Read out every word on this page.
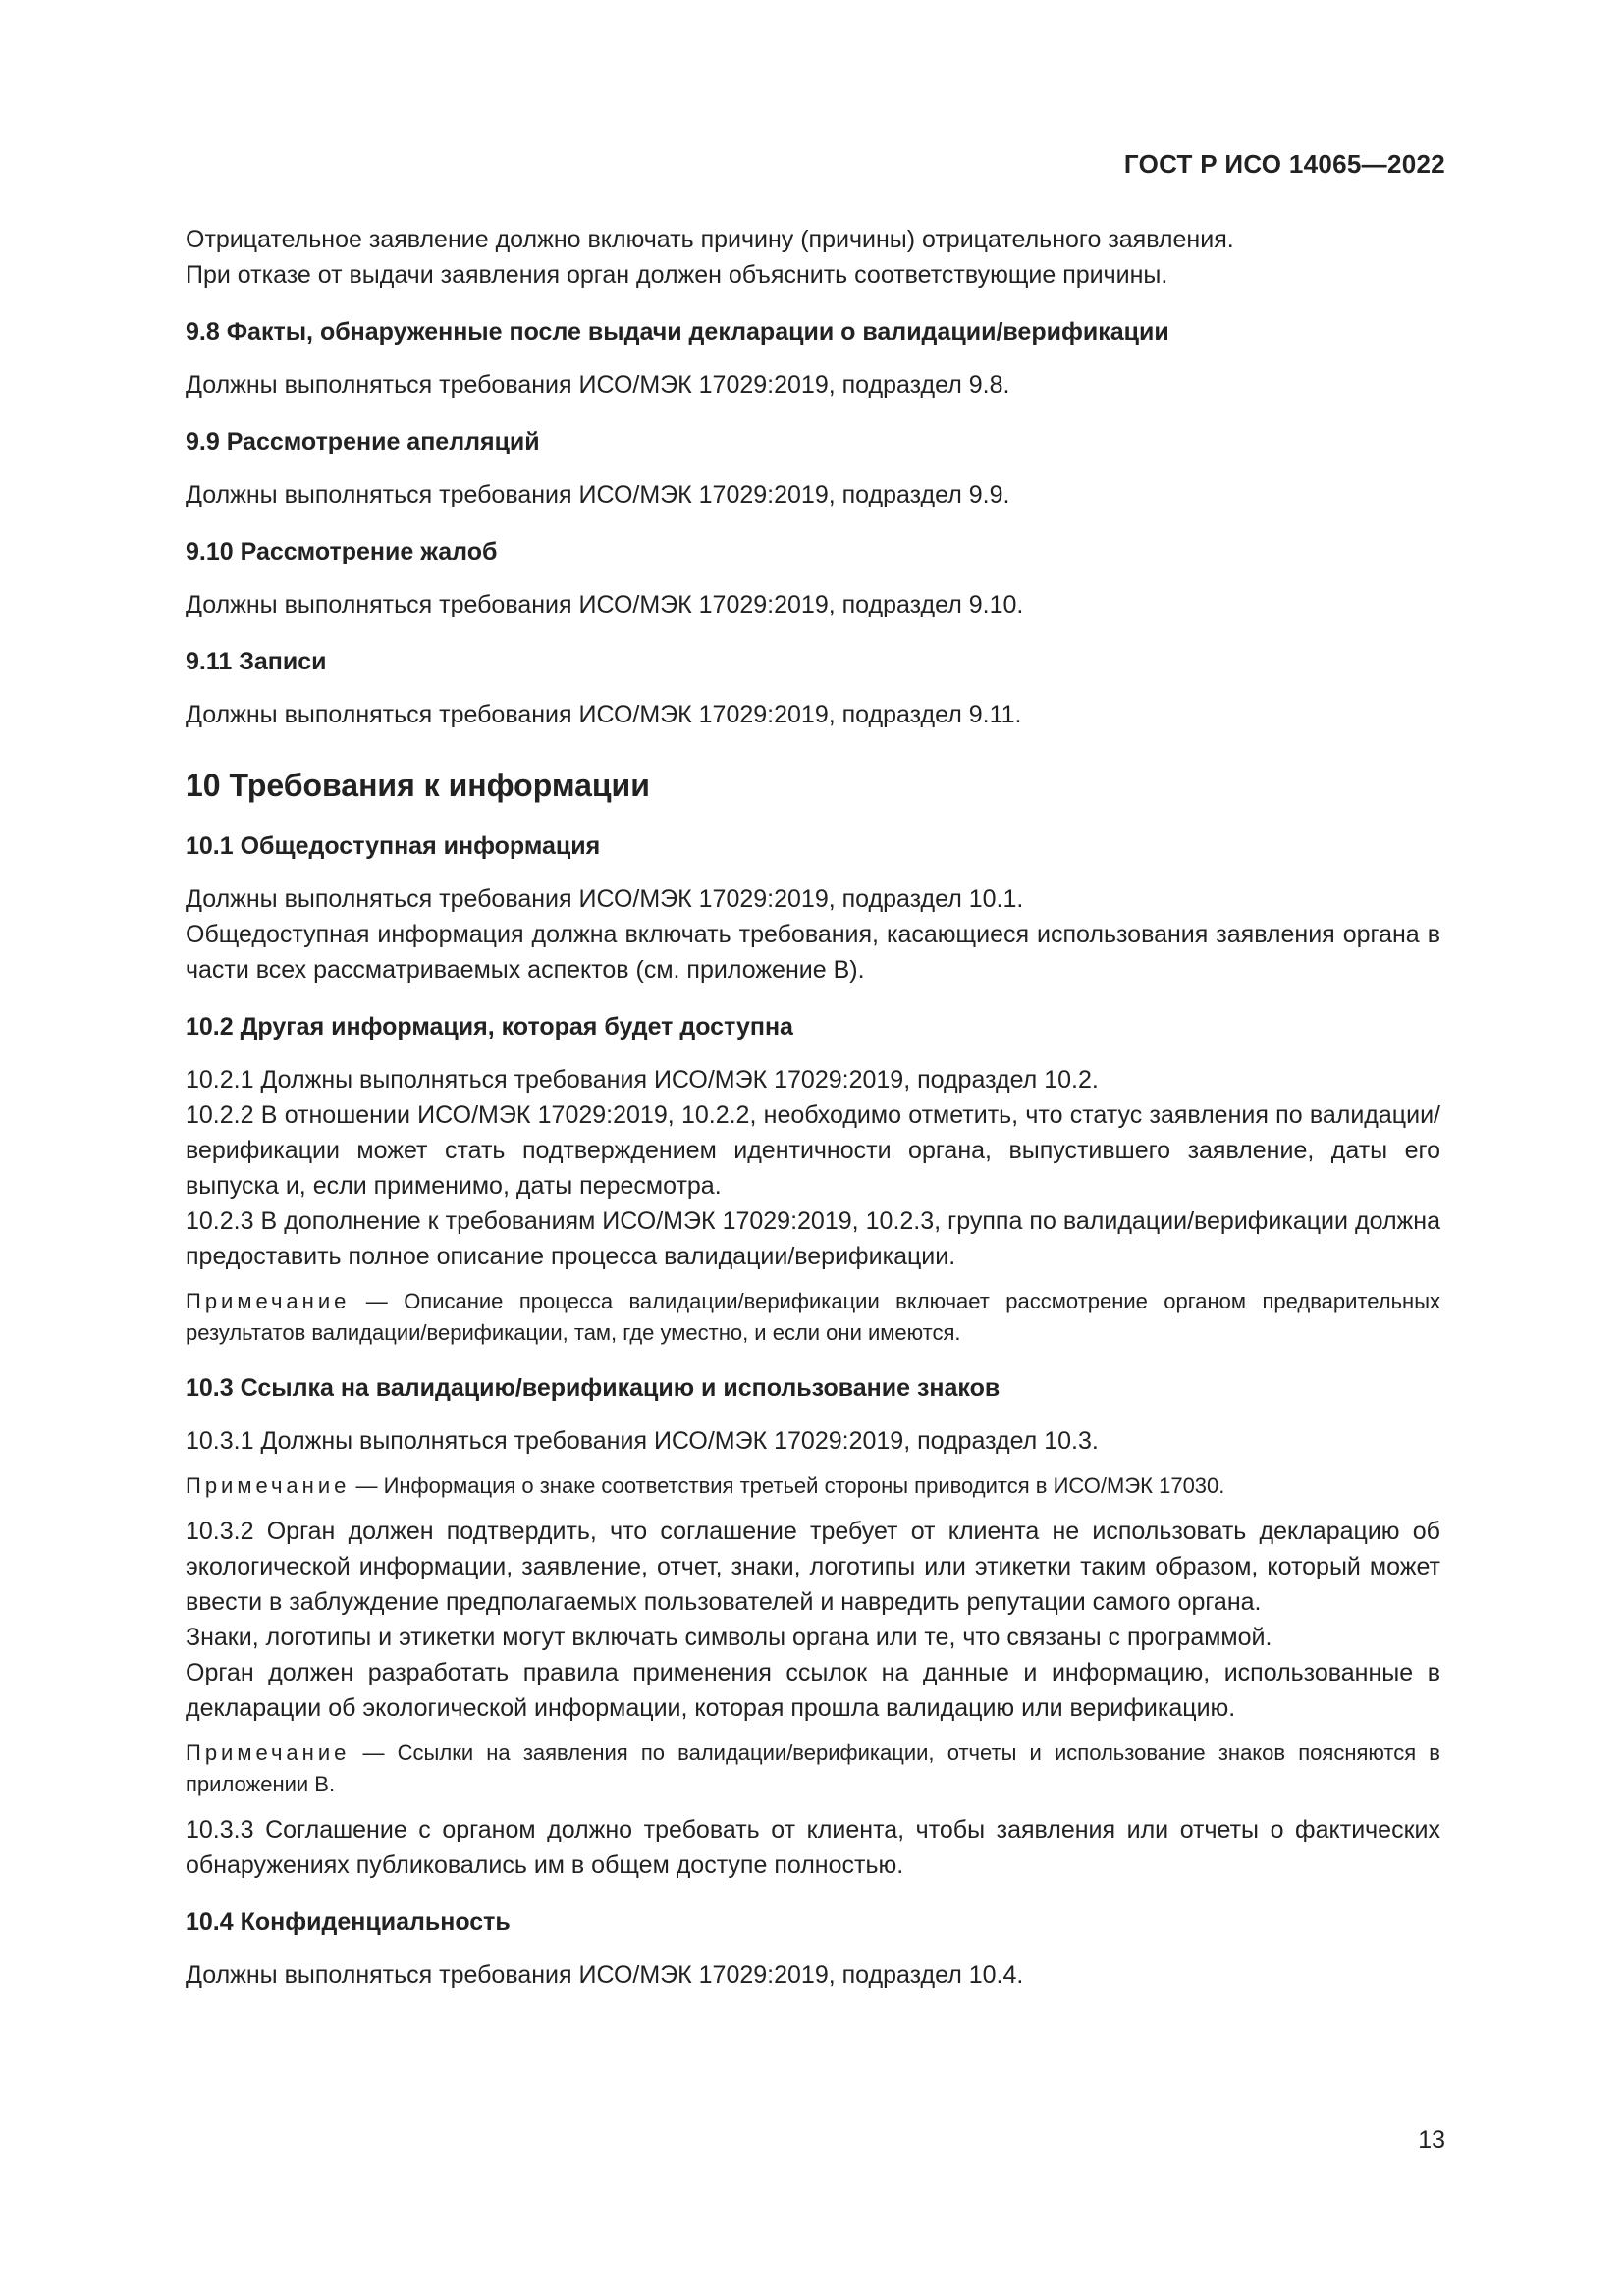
ГОСТ Р ИСО 14065—2022

Отрицательное заявление должно включать причину (причины) отрицательного заявления.

При отказе от выдачи заявления орган должен объяснить соответствующие причины.

9.8 Факты, обнаруженные после выдачи декларации о валидации/верификации

Должны выполняться требования ИСО/МЭК 17029:2019, подраздел 9.8.

9.9 Рассмотрение апелляций

Должны выполняться требования ИСО/МЭК 17029:2019, подраздел 9.9.

9.10 Рассмотрение жалоб

Должны выполняться требования ИСО/МЭК 17029:2019, подраздел 9.10.

9.11 Записи

Должны выполняться требования ИСО/МЭК 17029:2019, подраздел 9.11.

10 Требования к информации
10.1 Общедоступная информация

Должны выполняться требования ИСО/МЭК 17029:2019, подраздел 10.1.

Общедоступная информация должна включать требования, касающиеся использования заявления органа в части всех рассматриваемых аспектов (см. приложение В).

10.2 Другая информация, которая будет доступна

10.2.1 Должны выполняться требования ИСО/МЭК 17029:2019, подраздел 10.2.

10.2.2 В отношении ИСО/МЭК 17029:2019, 10.2.2, необходимо отметить, что статус заявления по валидации/верификации может стать подтверждением идентичности органа, выпустившего заявление, даты его выпуска и, если применимо, даты пересмотра.

10.2.3 В дополнение к требованиям ИСО/МЭК 17029:2019, 10.2.3, группа по валидации/верификации должна предоставить полное описание процесса валидации/верификации.

Примечание — Описание процесса валидации/верификации включает рассмотрение органом предварительных результатов валидации/верификации, там, где уместно, и если они имеются.

10.3 Ссылка на валидацию/верификацию и использование знаков

10.3.1 Должны выполняться требования ИСО/МЭК 17029:2019, подраздел 10.3.

Примечание — Информация о знаке соответствия третьей стороны приводится в ИСО/МЭК 17030.

10.3.2 Орган должен подтвердить, что соглашение требует от клиента не использовать декларацию об экологической информации, заявление, отчет, знаки, логотипы или этикетки таким образом, который может ввести в заблуждение предполагаемых пользователей и навредить репутации самого органа.

Знаки, логотипы и этикетки могут включать символы органа или те, что связаны с программой.

Орган должен разработать правила применения ссылок на данные и информацию, использованные в декларации об экологической информации, которая прошла валидацию или верификацию.

Примечание — Ссылки на заявления по валидации/верификации, отчеты и использование знаков поясняются в приложении В.

10.3.3 Соглашение с органом должно требовать от клиента, чтобы заявления или отчеты о фактических обнаружениях публиковались им в общем доступе полностью.

10.4 Конфиденциальность

Должны выполняться требования ИСО/МЭК 17029:2019, подраздел 10.4.

13
